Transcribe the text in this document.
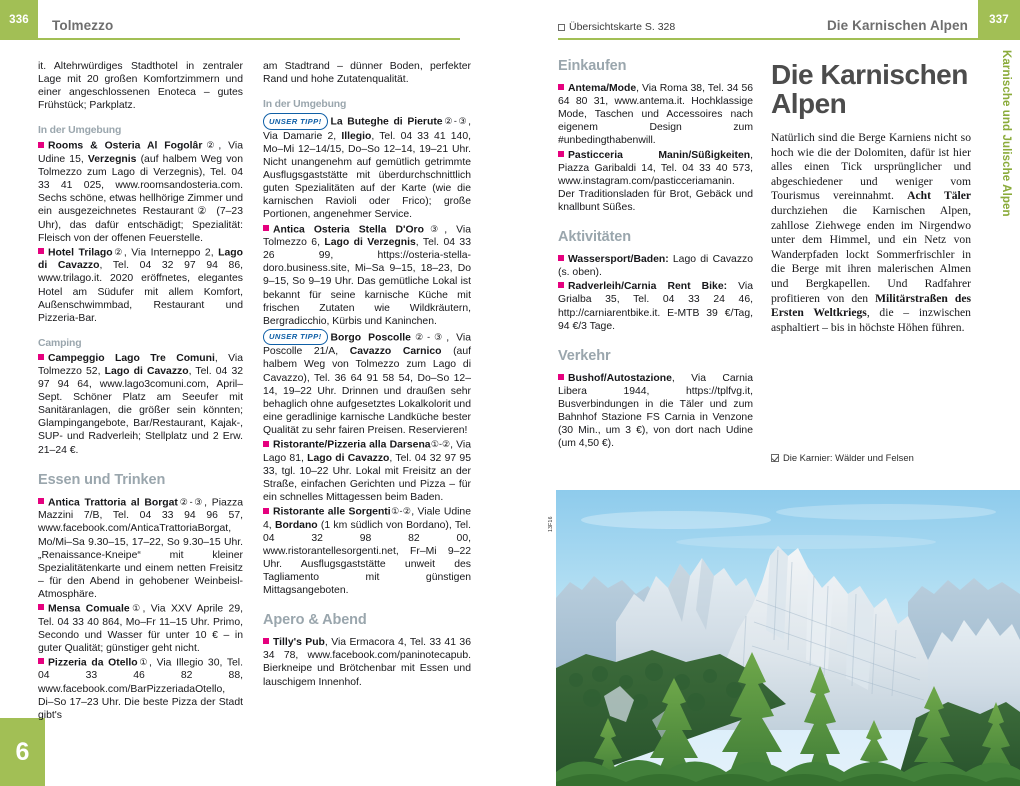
336 Tolmezzo	Übersichtskarte S. 328	Die Karnischen Alpen 337
Karnische und Julische Alpen
6

it. Altehrwürdiges Stadthotel in zentraler Lage mit 20 großen Komfortzimmern und einer angeschlossenen Enoteca – gutes Frühstück; Parkplatz.

In der Umgebung

Rooms & Osteria Al Fogolâr②, Via Udine 15, Verzegnis (auf halbem Weg von Tolmezzo zum Lago di Verzegnis), Tel. 04 33 41 025, www.roomsandosteria.com. Sechs schöne, etwas hellhörige Zimmer und ein ausgezeichnetes Restaurant② (7–23 Uhr), das dafür entschädigt; Spezialität: Fleisch von der offenen Feuerstelle.

Hotel Trilago②, Via Interneppo 2, Lago di Cavazzo, Tel. 04 32 97 94 86, www.trilago.it. 2020 eröffnetes, elegantes Hotel am Südufer mit allem Komfort, Außenschwimmbad, Restaurant und Pizzeria-Bar.

Camping

Campeggio Lago Tre Comuni, Via Tolmezzo 52, Lago di Cavazzo, Tel. 04 32 97 94 64, www.lago3comuni.com, April–Sept. Schöner Platz am Seeufer mit Sanitäranlagen, die größer sein könnten; Glampingangebote, Bar/Restaurant, Kajak-, SUP- und Radverleih; Stellplatz und 2 Erw. 21–24 €.

Essen und Trinken

Antica Trattoria al Borgat②-③, Piazza Mazzini 7/B, Tel. 04 33 94 96 57, www.facebook.com/AnticaTrattoriaBorgat, Mo/Mi–Sa 9.30–15, 17–22, So 9.30–15 Uhr. „Renaissance-Kneipe“ mit kleiner Spezialitätenkarte und einem netten Freisitz – für den Abend in gehobener Weinbeisl-Atmosphäre.

Mensa Comuale①, Via XXV Aprile 29, Tel. 04 33 40 864, Mo–Fr 11–15 Uhr. Primo, Secondo und Wasser für unter 10 € – in guter Qualität; günstiger geht nicht.

Pizzeria da Otello①, Via Illegio 30, Tel. 04 33 46 82 88, www.facebook.com/BarPizzeriadaOtello, Di–So 17–23 Uhr. Die beste Pizza der Stadt gibt's

am Stadtrand – dünner Boden, perfekter Rand und hohe Zutatenqualität.

In der Umgebung

UNSER TIPP! La Buteghe di Pierute②-③, Via Damarie 2, Illegio, Tel. 04 33 41 140, Mo–Mi 12–14/15, Do–So 12–14, 19–21 Uhr. Nicht unangenehm auf gemütlich getrimmte Ausflugsgaststätte mit überdurchschnittlich guten Spezialitäten auf der Karte (wie die karnischen Ravioli oder Frico); große Portionen, angenehmer Service.

Antica Osteria Stella D'Oro③, Via Tolmezzo 6, Lago di Verzegnis, Tel. 04 33 26 99, https://osteria-stella-doro.business.site, Mi–Sa 9–15, 18–23, Do 9–15, So 9–19 Uhr. Das gemütliche Lokal ist bekannt für seine karnische Küche mit frischen Zutaten wie Wildkräutern, Bergradicchio, Kürbis und Kaninchen.

UNSER TIPP! Borgo Poscolle②-③, Via Poscolle 21/A, Cavazzo Carnico (auf halbem Weg von Tolmezzo zum Lago di Cavazzo), Tel. 36 64 91 58 54, Do–So 12–14, 19–22 Uhr. Drinnen und draußen sehr behaglich ohne aufgesetztes Lokalkolorit und eine geradlinige karnische Landküche bester Qualität zu sehr fairen Preisen. Reservieren!

Ristorante/Pizzeria alla Darsena①-②, Via Lago 81, Lago di Cavazzo, Tel. 04 32 97 95 33, tgl. 10–22 Uhr. Lokal mit Freisitz an der Straße, einfachen Gerichten und Pizza – für ein schnelles Mittagessen beim Baden.

Ristorante alle Sorgenti①-②, Viale Udine 4, Bordano (1 km südlich von Bordano), Tel. 04 32 98 82 00, www.ristorantellesorgenti.net, Fr–Mi 9–22 Uhr. Ausflugsgaststätte unweit des Tagliamento mit günstigen Mittagsangeboten.

Apero & Abend

Tilly's Pub, Via Ermacora 4, Tel. 33 41 36 34 78, www.facebook.com/paninotecapub. Bierkneipe und Brötchenbar mit Essen und lauschigem Innenhof.

Einkaufen

Antema/Mode, Via Roma 38, Tel. 34 56 64 80 31, www.antema.it. Hochklassige Mode, Taschen und Accessoires nach eigenem Design zum #unbedingthabenwill.

Pasticceria Manin/Süßigkeiten, Piazza Garibaldi 14, Tel. 04 33 40 573, www.instagram.com/pasticceriamanin. Der Traditionsladen für Brot, Gebäck und knallbunt Süßes.

Aktivitäten

Wassersport/Baden: Lago di Cavazzo (s. oben).

Radverleih/Carnia Rent Bike: Via Grialba 35, Tel. 04 33 24 46, http://carniarentbike.it. E-MTB 39 €/Tag, 94 €/3 Tage.

Verkehr

Bushof/Autostazione, Via Carnia Libera 1944, https://tplfvg.it, Busverbindungen in die Täler und zum Bahnhof Stazione FS Carnia in Venzone (30 Min., um 3 €), von dort nach Udine (um 4,50 €).

Die Karnischen Alpen

Natürlich sind die Berge Karniens nicht so hoch wie die der Dolomiten, dafür ist hier alles einen Tick ursprünglicher und abgeschiedener und weniger vom Tourismus vereinnahmt. Acht Täler durchziehen die Karnischen Alpen, zahllose Ziehwege enden im Nirgendwo unter dem Himmel, und ein Netz von Wanderpfaden lockt Sommerfrischler in die Berge mit ihren malerischen Almen und Bergkapellen. Und Radfahrer profitieren von den Militärstraßen des Ersten Weltkriegs, die – inzwischen asphaltiert – bis in höchste Höhen führen.

Die Karnier: Wälder und Felsen
13F16
